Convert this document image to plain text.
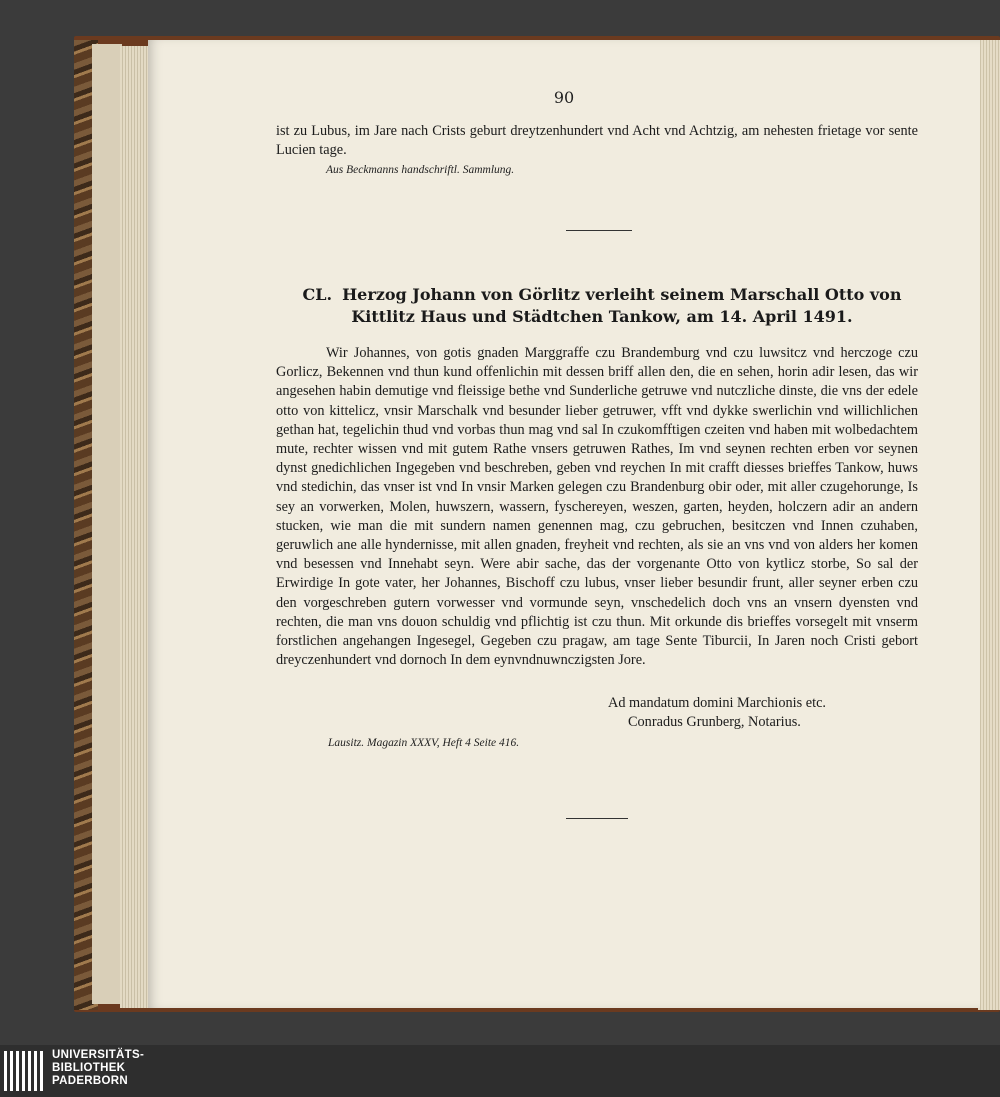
90

ist zu Lubus, im Jare nach Crists geburt dreytzenhundert vnd Acht vnd Achtzig, am nehesten frietage vor sente Lucien tage.

Aus Beckmanns handschriftl. Sammlung.
CL. Herzog Johann von Görlitz verleiht seinem Marschall Otto von Kittlitz Haus und Städtchen Tankow, am 14. April 1491.

Wir Johannes, von gotis gnaden Marggraffe czu Brandemburg vnd czu luwsitcz vnd herczoge czu Gorlicz, Bekennen vnd thun kund offenlichin mit dessen briff allen den, die en sehen, horin adir lesen, das wir angesehen habin demutige vnd fleissige bethe vnd Sunderliche getruwe vnd nutczliche dinste, die vns der edele otto von kittelicz, vnsir Marschalk vnd besunder lieber getruwer, vfft vnd dykke swerlichin vnd willichlichen gethan hat, tegelichin thud vnd vorbas thun mag vnd sal In czukomfftigen czeiten vnd haben mit wolbedachtem mute, rechter wissen vnd mit gutem Rathe vnsers getruwen Rathes, Im vnd seynen rechten erben vor seynen dynst gnedichlichen Ingegeben vnd beschreben, geben vnd reychen In mit crafft diesses brieffes Tankow, huws vnd stedichin, das vnser ist vnd In vnsir Marken gelegen czu Brandenburg obir oder, mit aller czugehorunge, Is sey an vorwerken, Molen, huwszern, wassern, fyschereyen, weszen, garten, heyden, holczern adir an andern stucken, wie man die mit sundern namen genennen mag, czu gebruchen, besitczen vnd Innen czuhaben, geruwlich ane alle hyndernisse, mit allen gnaden, freyheit vnd rechten, als sie an vns vnd von alders her komen vnd besessen vnd Innehabt seyn. Were abir sache, das der vorgenante Otto von kytlicz storbe, So sal der Erwirdige In gote vater, her Johannes, Bischoff czu lubus, vnser lieber besundir frunt, aller seyner erben czu den vorgeschreben gutern vorwesser vnd vormunde seyn, vnschedelich doch vns an vnsern dyensten vnd rechten, die man vns douon schuldig vnd pflichtig ist czu thun. Mit orkunde dis brieffes vorsegelt mit vnserm forstlichen angehangen Ingesegel, Gegeben czu pragaw, am tage Sente Tiburcii, In Jaren noch Cristi gebort dreyczenhundert vnd dornoch In dem eynvndnuwnczigsten Jore.

Ad mandatum domini Marchionis etc.
Conradus Grunberg, Notarius.
Lausitz. Magazin XXXV, Heft 4 Seite 416.
UNIVERSITÄTS-
BIBLIOTHEK
PADERBORN
